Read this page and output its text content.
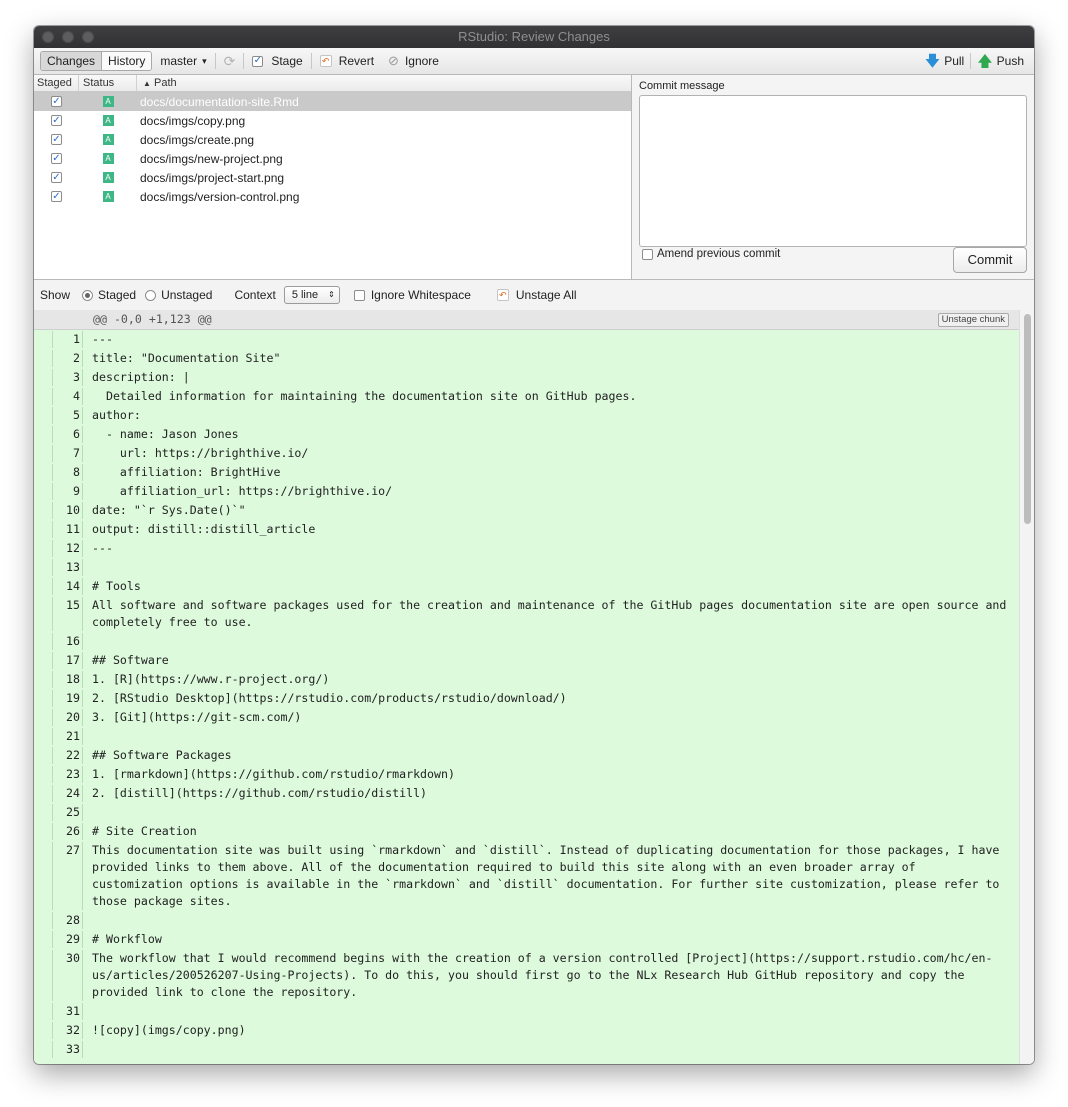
RStudio: Review Changes
Changes	History	master ▾ ⟳ ✓ Stage ↶ Revert ⊘ Ignore	🡇 Pull 🡅 Push
Staged	Status	▲ Path
✓	A docs/documentation-site.Rmd
✓	A docs/imgs/copy.png
✓	A docs/imgs/create.png
✓	A docs/imgs/new-project.png
✓	A docs/imgs/project-start.png
✓	A docs/imgs/version-control.png
Commit message
Amend previous commit	Commit
Show Staged Unstaged Context 5 line ⇕	Ignore Whitespace	↶ Unstage All
@@ -0,0 +1,123 @@	Unstage chunk
1	---
2	title: "Documentation Site"
3	description: |
4	Detailed information for maintaining the documentation site on GitHub pages.
5	author:
6	- name: Jason Jones
7	url: https://brighthive.io/
8	affiliation: BrightHive
9	affiliation_url: https://brighthive.io/
10	date: "`r Sys.Date()`"
11	output: distill::distill_article
12	---
13
14	# Tools
15	All software and software packages used for the creation and maintenance of the GitHub pages documentation site are open source and completely free to use.
16
17	## Software
18	1. [R](https://www.r-project.org/)
19	2. [RStudio Desktop](https://rstudio.com/products/rstudio/download/)
20	3. [Git](https://git-scm.com/)
21
22	## Software Packages
23	1. [rmarkdown](https://github.com/rstudio/rmarkdown)
24	2. [distill](https://github.com/rstudio/distill)
25
26	# Site Creation
27	This documentation site was built using `rmarkdown` and `distill`. Instead of duplicating documentation for those packages, I have provided links to them above. All of the documentation required to build this site along with an even broader array of customization options is available in the `rmarkdown` and `distill` documentation. For further site customization, please refer to those package sites.
28
29	# Workflow
30	The workflow that I would recommend begins with the creation of a version controlled [Project](https://support.rstudio.com/hc/en-us/articles/200526207-Using-Projects). To do this, you should first go to the NLx Research Hub GitHub repository and copy the provided link to clone the repository.
31
32	![copy](imgs/copy.png)
33
